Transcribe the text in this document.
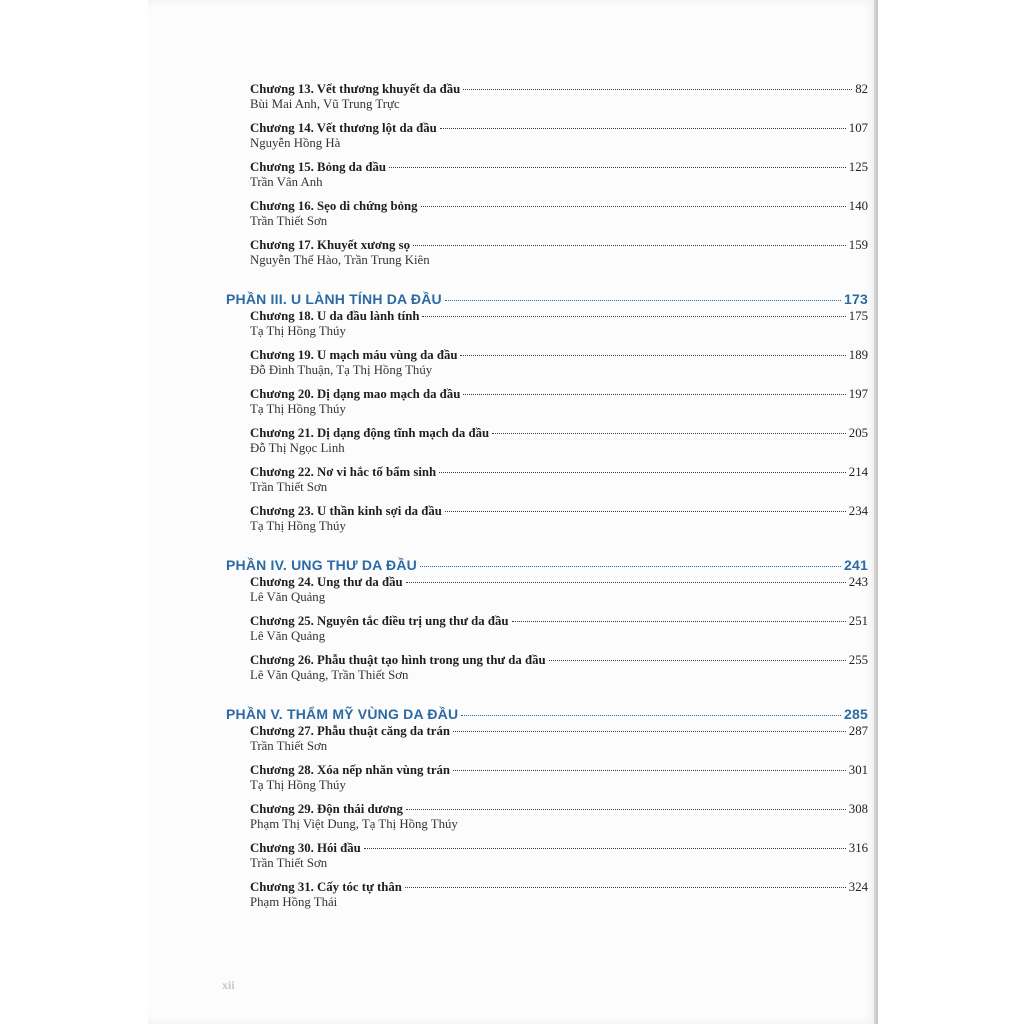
Chương 13. Vết thương khuyết da đầu	82
Bùi Mai Anh, Vũ Trung Trực
Chương 14. Vết thương lột da đầu	107
Nguyễn Hồng Hà
Chương 15. Bỏng da đầu	125
Trần Vân Anh
Chương 16. Sẹo di chứng bỏng	140
Trần Thiết Sơn
Chương 17. Khuyết xương sọ	159
Nguyễn Thế Hào, Trần Trung Kiên
PHẦN III. U LÀNH TÍNH DA ĐẦU	173
Chương 18. U da đầu lành tính	175
Tạ Thị Hồng Thúy
Chương 19. U mạch máu vùng da đầu	189
Đỗ Đình Thuận, Tạ Thị Hồng Thúy
Chương 20. Dị dạng mao mạch da đầu	197
Tạ Thị Hồng Thúy
Chương 21. Dị dạng động tĩnh mạch da đầu	205
Đỗ Thị Ngọc Linh
Chương 22. Nơ vi hắc tố bẩm sinh	214
Trần Thiết Sơn
Chương 23. U thần kinh sợi da đầu	234
Tạ Thị Hồng Thúy
PHẦN IV. UNG THƯ DA ĐẦU	241
Chương 24. Ung thư da đầu	243
Lê Văn Quảng
Chương 25. Nguyên tắc điều trị ung thư da đầu	251
Lê Văn Quảng
Chương 26. Phẫu thuật tạo hình trong ung thư da đầu	255
Lê Văn Quảng, Trần Thiết Sơn
PHẦN V. THẨM MỸ VÙNG DA ĐẦU	285
Chương 27. Phẫu thuật căng da trán	287
Trần Thiết Sơn
Chương 28. Xóa nếp nhăn vùng trán	301
Tạ Thị Hồng Thúy
Chương 29. Độn thái dương	308
Phạm Thị Việt Dung, Tạ Thị Hồng Thúy
Chương 30. Hói đầu	316
Trần Thiết Sơn
Chương 31. Cấy tóc tự thân	324
Phạm Hồng Thái
xii
